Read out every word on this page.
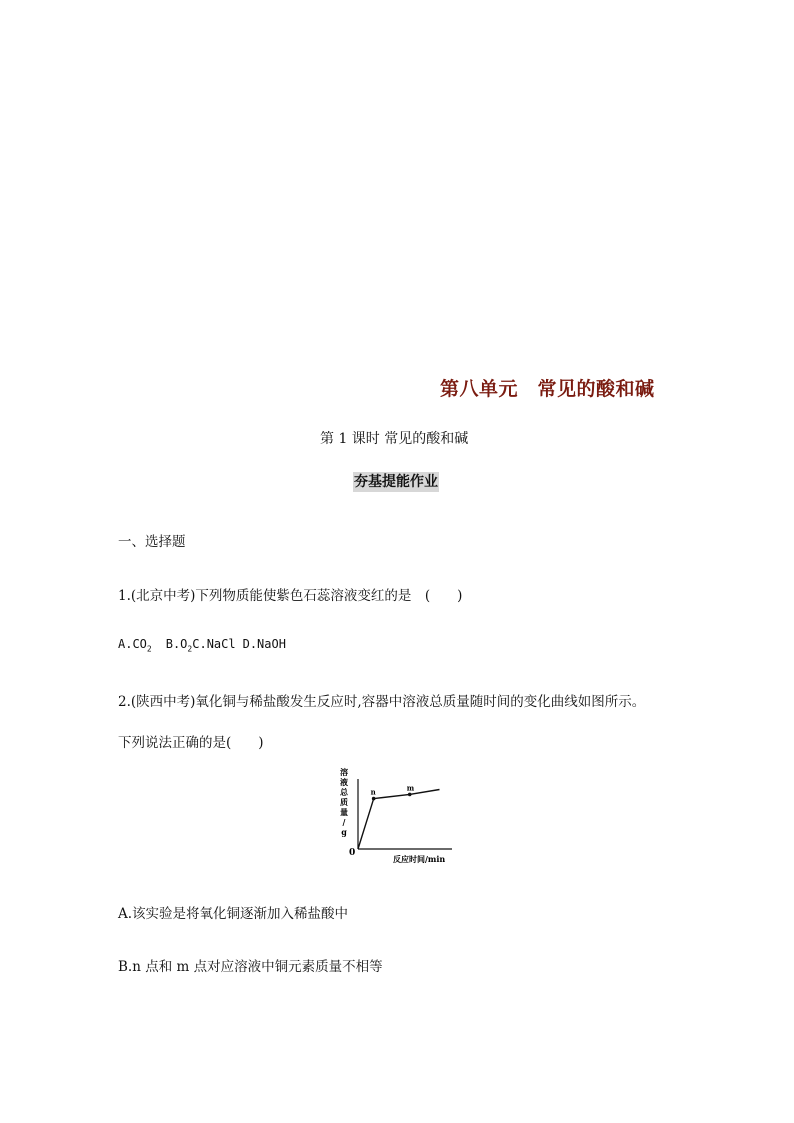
第八单元　常见的酸和碱
第 1 课时 常见的酸和碱
夯基提能作业
一、选择题
1.(北京中考)下列物质能使紫色石蕊溶液变红的是　(　　)
$A.CO_2$ $B.O_2C.NaCl$ D.NaOH
2.(陕西中考)氧化铜与稀盐酸发生反应时,容器中溶液总质量随时间的变化曲线如图所示。
下列说法正确的是(　　)
溶
液
总
质
量
/
g
n	m
0
反应时间/min
A.该实验是将氧化铜逐渐加入稀盐酸中
B.n 点和 m 点对应溶液中铜元素质量不相等
